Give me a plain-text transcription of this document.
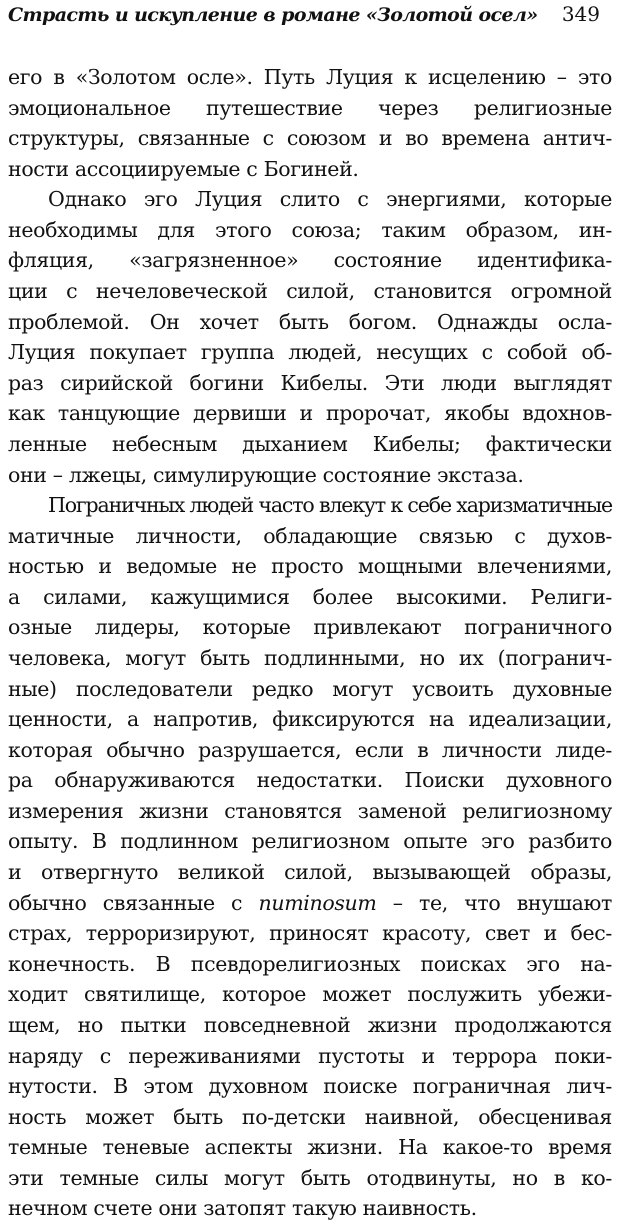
Страсть и искупление в романе «Золотой осел» 349
его в «Золотом осле». Путь Луция к исцелению – это
эмоциональное путешествие через религиозные
структуры, связанные с союзом и во времена антич-
ности ассоциируемые с Богиней.
Однако эго Луция слито с энергиями, которые
необходимы для этого союза; таким образом, ин-
фляция, «загрязненное» состояние идентифика-
ции с нечеловеческой силой, становится огромной
проблемой. Он хочет быть богом. Однажды осла-
Луция покупает группа людей, несущих с собой об-
раз сирийской богини Кибелы. Эти люди выглядят
как танцующие дервиши и пророчат, якобы вдохнов-
ленные небесным дыханием Кибелы; фактически
они – лжецы, симулирующие состояние экстаза.
Пограничных людей часто влекут к себе харизматичные
матичные личности, обладающие связью с духов-
ностью и ведомые не просто мощными влечениями,
а силами, кажущимися более высокими. Религи-
озные лидеры, которые привлекают пограничного
человека, могут быть подлинными, но их (погранич-
ные) последователи редко могут усвоить духовные
ценности, а напротив, фиксируются на идеализации,
которая обычно разрушается, если в личности лиде-
ра обнаруживаются недостатки. Поиски духовного
измерения жизни становятся заменой религиозному
опыту. В подлинном религиозном опыте эго разбито
и отвергнуто великой силой, вызывающей образы,
обычно связанные с numinosum – те, что внушают
страх, терроризируют, приносят красоту, свет и бес-
конечность. В псевдорелигиозных поисках эго на-
ходит святилище, которое может послужить убежи-
щем, но пытки повседневной жизни продолжаются
наряду с переживаниями пустоты и террора поки-
нутости. В этом духовном поиске пограничная лич-
ность может быть по-детски наивной, обесценивая
темные теневые аспекты жизни. На какое-то время
эти темные силы могут быть отодвинуты, но в ко-
нечном счете они затопят такую наивность.
